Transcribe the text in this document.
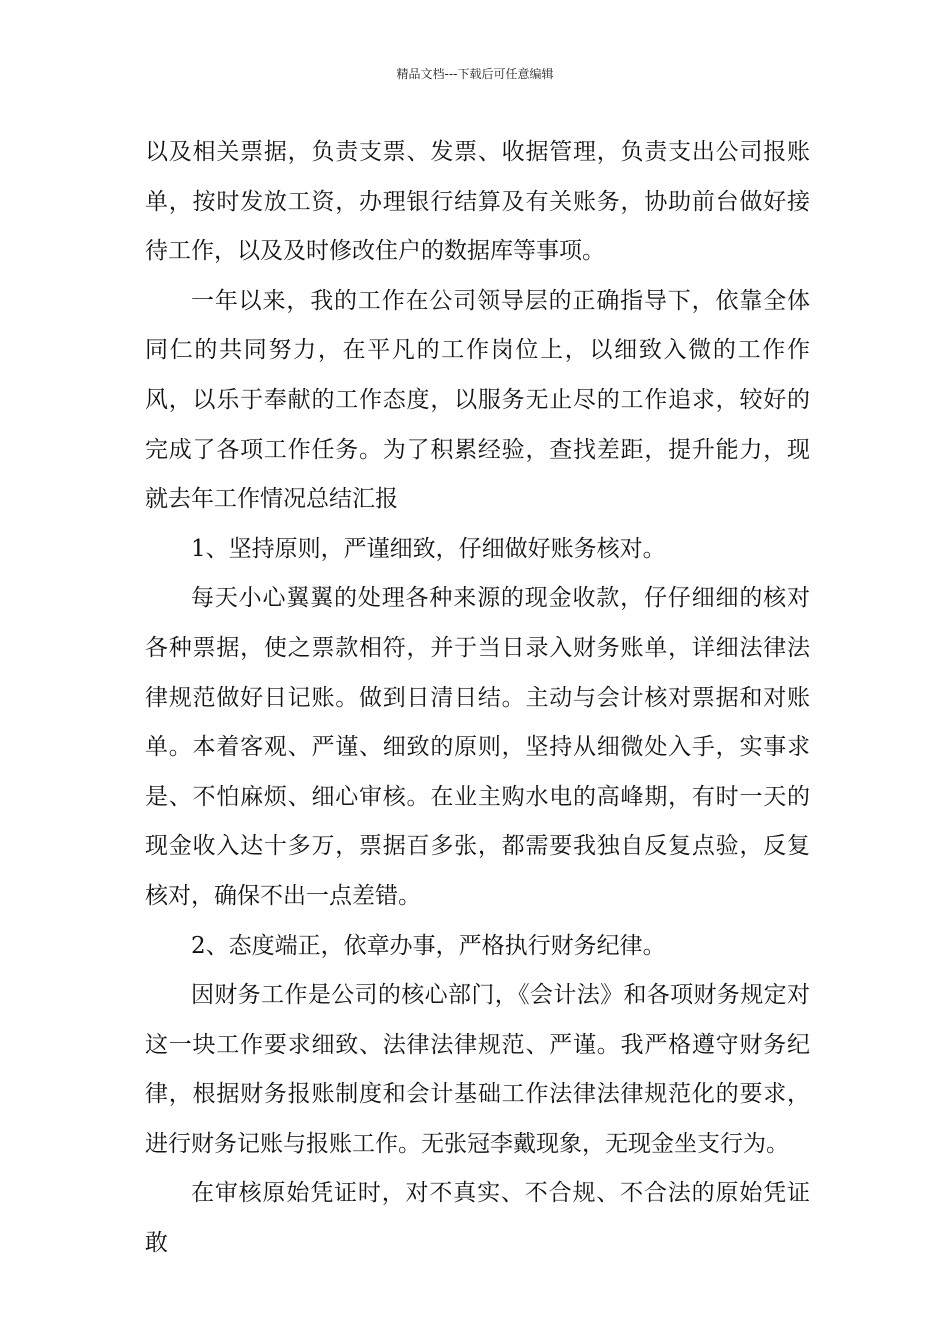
精品文档---下载后可任意编辑

以及相关票据，负责支票、发票、收据管理，负责支出公司报账单，按时发放工资，办理银行结算及有关账务，协助前台做好接待工作，以及及时修改住户的数据库等事项。

一年以来，我的工作在公司领导层的正确指导下，依靠全体同仁的共同努力，在平凡的工作岗位上，以细致入微的工作作风，以乐于奉献的工作态度，以服务无止尽的工作追求，较好的完成了各项工作任务。为了积累经验，查找差距，提升能力，现就去年工作情况总结汇报

1、坚持原则，严谨细致，仔细做好账务核对。

每天小心翼翼的处理各种来源的现金收款，仔仔细细的核对各种票据，使之票款相符，并于当日录入财务账单，详细法律法律规范做好日记账。做到日清日结。主动与会计核对票据和对账单。本着客观、严谨、细致的原则，坚持从细微处入手，实事求是、不怕麻烦、细心审核。在业主购水电的高峰期，有时一天的现金收入达十多万，票据百多张，都需要我独自反复点验，反复核对，确保不出一点差错。

2、态度端正，依章办事，严格执行财务纪律。

因财务工作是公司的核心部门，《会计法》和各项财务规定对这一块工作要求细致、法律法律规范、严谨。我严格遵守财务纪律，根据财务报账制度和会计基础工作法律法律规范化的要求，进行财务记账与报账工作。无张冠李戴现象，无现金坐支行为。

在审核原始凭证时，对不真实、不合规、不合法的原始凭证敢
